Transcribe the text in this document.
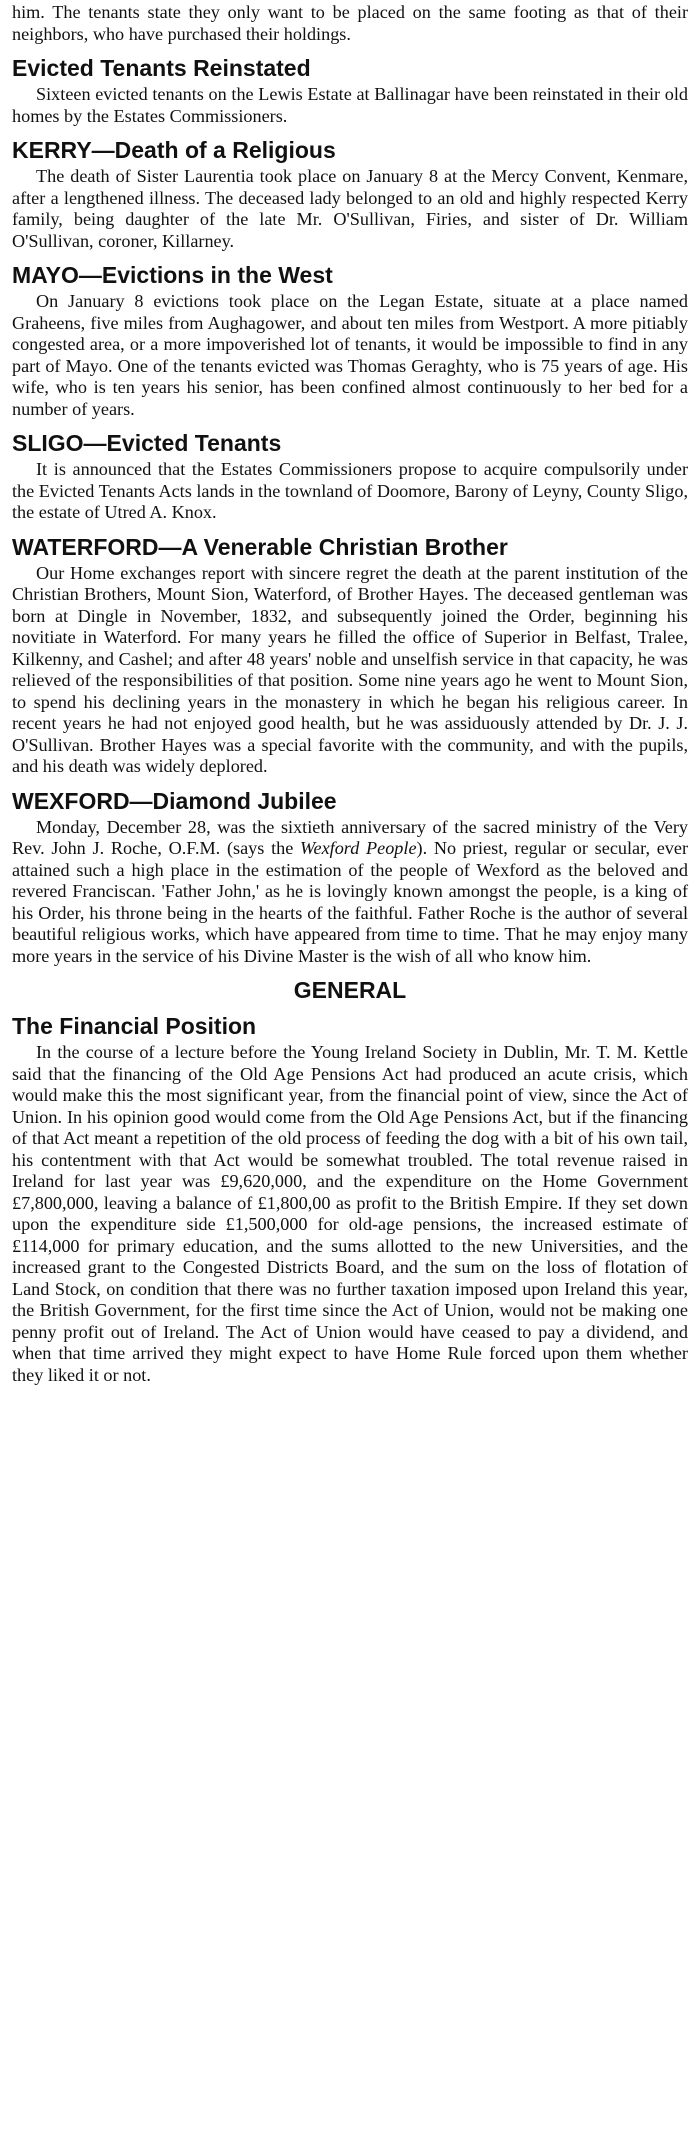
him. The tenants state they only want to be placed on the same footing as that of their neighbors, who have purchased their holdings.

Evicted Tenants Reinstated

Sixteen evicted tenants on the Lewis Estate at Ballinagar have been reinstated in their old homes by the Estates Commissioners.

KERRY—Death of a Religious

The death of Sister Laurentia took place on January 8 at the Mercy Convent, Kenmare, after a lengthened illness. The deceased lady belonged to an old and highly respected Kerry family, being daughter of the late Mr. O'Sullivan, Firies, and sister of Dr. William O'Sullivan, coroner, Killarney.

MAYO—Evictions in the West

On January 8 evictions took place on the Legan Estate, situate at a place named Graheens, five miles from Aughagower, and about ten miles from Westport. A more pitiably congested area, or a more impoverished lot of tenants, it would be impossible to find in any part of Mayo. One of the tenants evicted was Thomas Geraghty, who is 75 years of age. His wife, who is ten years his senior, has been confined almost continuously to her bed for a number of years.

SLIGO—Evicted Tenants

It is announced that the Estates Commissioners propose to acquire compulsorily under the Evicted Tenants Acts lands in the townland of Doomore, Barony of Leyny, County Sligo, the estate of Utred A. Knox.

WATERFORD—A Venerable Christian Brother

Our Home exchanges report with sincere regret the death at the parent institution of the Christian Brothers, Mount Sion, Waterford, of Brother Hayes. The deceased gentleman was born at Dingle in November, 1832, and subsequently joined the Order, beginning his novitiate in Waterford. For many years he filled the office of Superior in Belfast, Tralee, Kilkenny, and Cashel; and after 48 years' noble and unselfish service in that capacity, he was relieved of the responsibilities of that position. Some nine years ago he went to Mount Sion, to spend his declining years in the monastery in which he began his religious career. In recent years he had not enjoyed good health, but he was assiduously attended by Dr. J. J. O'Sullivan. Brother Hayes was a special favorite with the community, and with the pupils, and his death was widely deplored.

WEXFORD—Diamond Jubilee

Monday, December 28, was the sixtieth anniversary of the sacred ministry of the Very Rev. John J. Roche, O.F.M. (says the Wexford People). No priest, regular or secular, ever attained such a high place in the estimation of the people of Wexford as the beloved and revered Franciscan. 'Father John,' as he is lovingly known amongst the people, is a king of his Order, his throne being in the hearts of the faithful. Father Roche is the author of several beautiful religious works, which have appeared from time to time. That he may enjoy many more years in the service of his Divine Master is the wish of all who know him.

GENERAL
The Financial Position

In the course of a lecture before the Young Ireland Society in Dublin, Mr. T. M. Kettle said that the financing of the Old Age Pensions Act had produced an acute crisis, which would make this the most significant year, from the financial point of view, since the Act of Union. In his opinion good would come from the Old Age Pensions Act, but if the financing of that Act meant a repetition of the old process of feeding the dog with a bit of his own tail, his contentment with that Act would be somewhat troubled. The total revenue raised in Ireland for last year was £9,620,000, and the expenditure on the Home Government £7,800,000, leaving a balance of £1,800,00 as profit to the British Empire. If they set down upon the expenditure side £1,500,000 for old-age pensions, the increased estimate of £114,000 for primary education, and the sums allotted to the new Universities, and the increased grant to the Congested Districts Board, and the sum on the loss of flotation of Land Stock, on condition that there was no further taxation imposed upon Ireland this year, the British Government, for the first time since the Act of Union, would not be making one penny profit out of Ireland. The Act of Union would have ceased to pay a dividend, and when that time arrived they might expect to have Home Rule forced upon them whether they liked it or not.
